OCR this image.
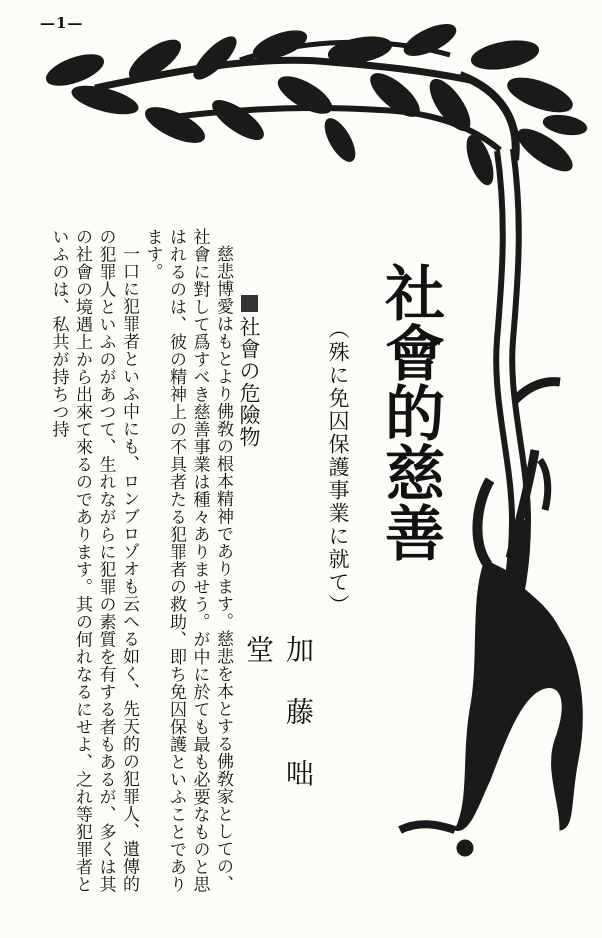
—1—
社會的慈善
（殊に免囚保護事業に就て）
加藤咄堂
社會の危險物

慈悲博愛はもとより佛敎の根本精神であります。慈悲を本とする佛敎家としての、社會に對して爲すべき慈善事業は種々ありませう。が中に於ても最も必要なものと思はれるのは、彼の精神上の不具者たる犯罪者の救助、即ち免囚保護といふことであります。

一口に犯罪者といふ中にも、ロンブロゾオも云へる如く、先天的の犯罪人、遺傳的の犯罪人といふのがあつて、生れながらに犯罪の素質を有する者もあるが、多くは其の社會の境遇上から出來て來るのであります。其の何れなるにせよ、之れ等犯罪者といふのは、私共が持ちつ持
